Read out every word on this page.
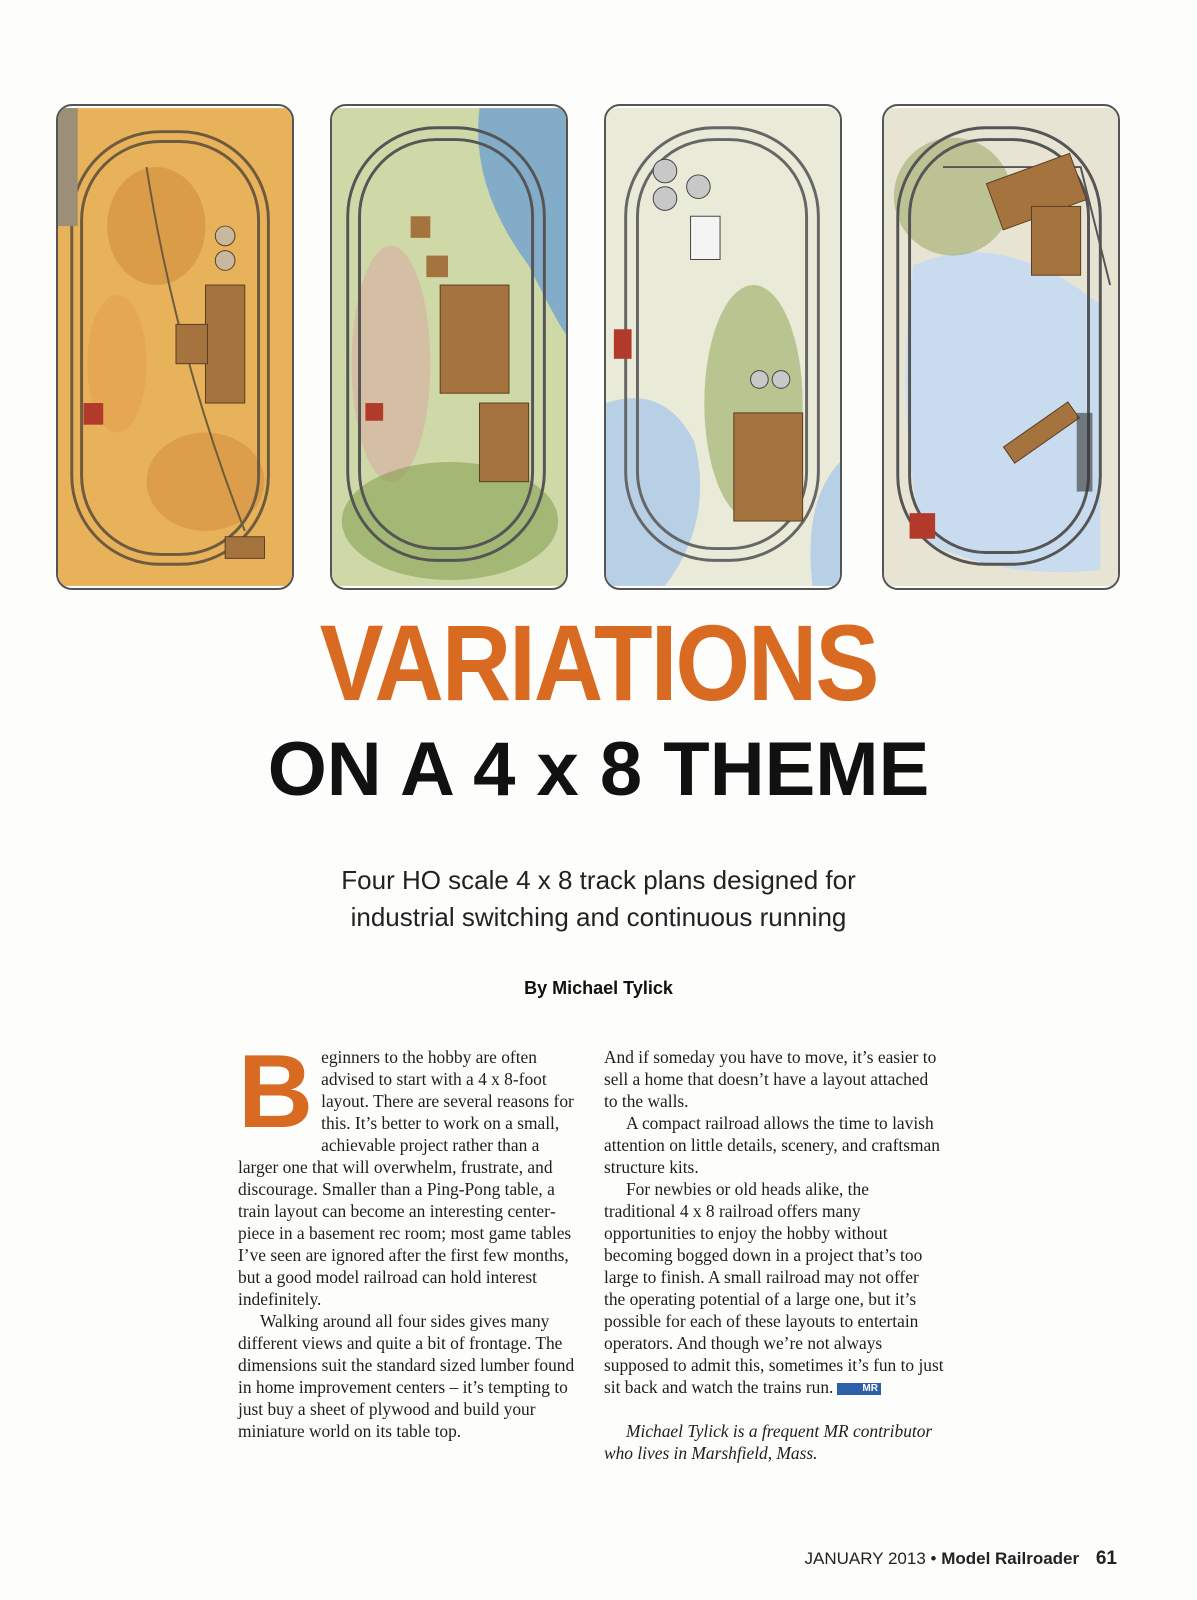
VARIATIONS
ON A 4 x 8 THEME
Four HO scale 4 x 8 track plans designed for
industrial switching and continuous running
By Michael Tylick

Beginners to the hobby are often advised to start with a 4 x 8-foot layout. There are several reasons for this. It’s better to work on a small, achievable project rather than a larger one that will overwhelm, frustrate, and discourage. Smaller than a Ping-Pong table, a train layout can become an interesting centerpiece in a basement rec room; most game tables I’ve seen are ignored after the first few months, but a good model railroad can hold interest indefinitely.

Walking around all four sides gives many different views and quite a bit of frontage. The dimensions suit the standard sized lumber found in home improvement centers – it’s tempting to just buy a sheet of plywood and build your miniature world on its table top.

And if someday you have to move, it’s easier to sell a home that doesn’t have a layout attached to the walls.

A compact railroad allows the time to lavish attention on little details, scenery, and craftsman structure kits.

For newbies or old heads alike, the traditional 4 x 8 railroad offers many opportunities to enjoy the hobby without becoming bogged down in a project that’s too large to finish. A small railroad may not offer the operating potential of a large one, but it’s possible for each of these layouts to entertain operators. And though we’re not always supposed to admit this, sometimes it’s fun to just sit back and watch the trains run.	MR

Michael Tylick is a frequent MR contributor who lives in Marshfield, Mass.

JANUARY 2013 • Model Railroader 61
